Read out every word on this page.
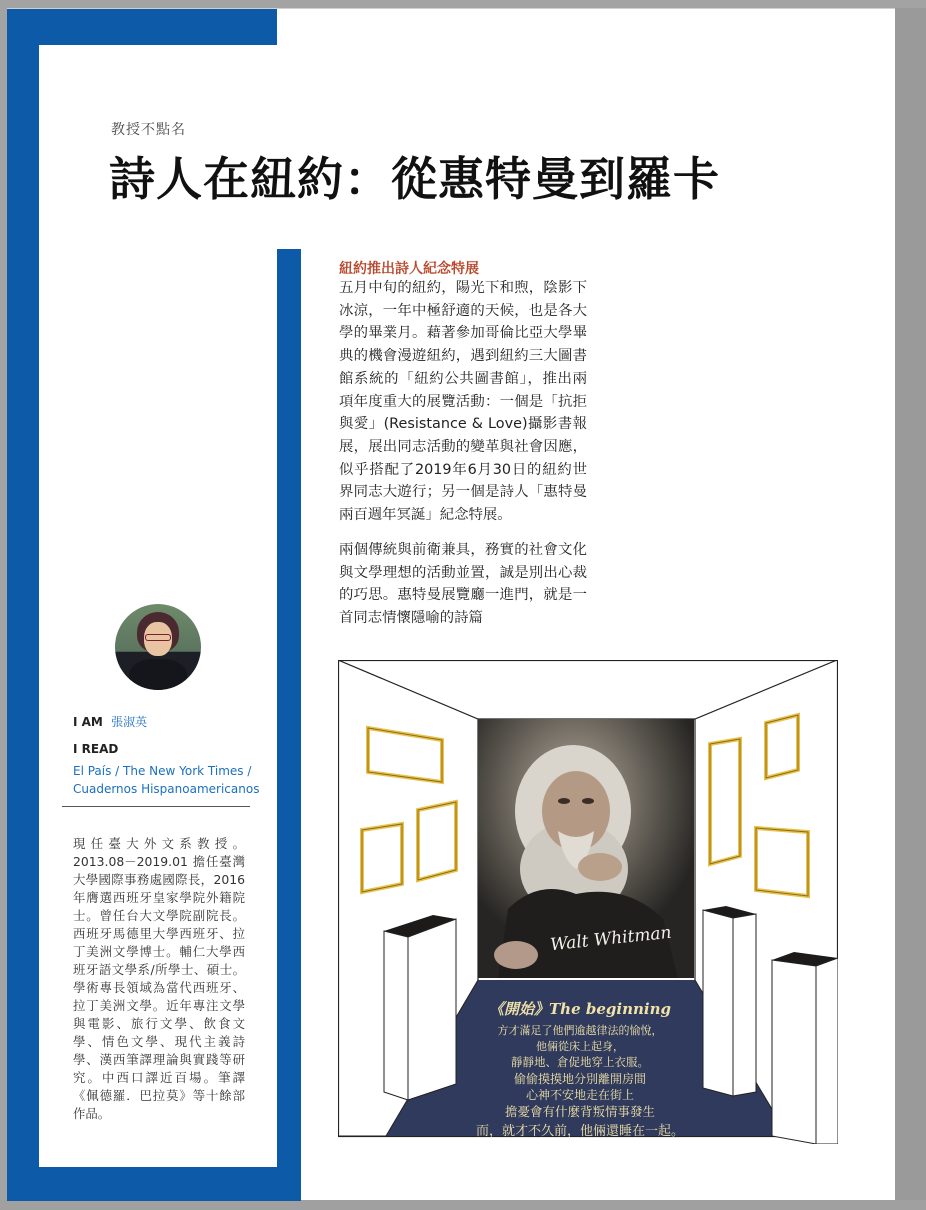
教授不點名
詩人在紐約：從惠特曼到羅卡
I AM 張淑英
I READ
El País / The New York Times /
Cuadernos Hispanoamericanos
現任臺大外文系教授。2013.08－2019.01 擔任臺灣大學國際事務處國際長，2016年膺選西班牙皇家學院外籍院士。曾任台大文學院副院長。西班牙馬德里大學西班牙、拉丁美洲文學博士。輔仁大學西班牙語文學系/所學士、碩士。學術專長領域為當代西班牙、拉丁美洲文學。近年專注文學與電影、旅行文學、飲食文學、情色文學、現代主義詩學、漢西筆譯理論與實踐等研究。中西口譯近百場。筆譯《佩德羅．巴拉莫》等十餘部作品。
紐約推出詩人紀念特展
五月中旬的紐約，陽光下和煦，陰影下冰涼，一年中極舒適的天候，也是各大學的畢業月。藉著參加哥倫比亞大學畢典的機會漫遊紐約，遇到紐約三大圖書館系統的「紐約公共圖書館」，推出兩項年度重大的展覽活動：一個是「抗拒與愛」(Resistance & Love)攝影書報展，展出同志活動的變革與社會因應，似乎搭配了2019年6月30日的紐約世界同志大遊行；另一個是詩人「惠特曼兩百週年冥誕」紀念特展。
兩個傳統與前衛兼具，務實的社會文化與文學理想的活動並置，誠是別出心裁的巧思。惠特曼展覽廳一進門，就是一首同志情懷隱喻的詩篇
Walt Whitman
《開始》The beginning
方才滿足了他們逾越律法的愉悅，
他倆從床上起身，
靜靜地、倉促地穿上衣服。
偷偷摸摸地分別離開房間
心神不安地走在街上
擔憂會有什麼背叛情事發生
而，就才不久前，他倆還睡在一起。
